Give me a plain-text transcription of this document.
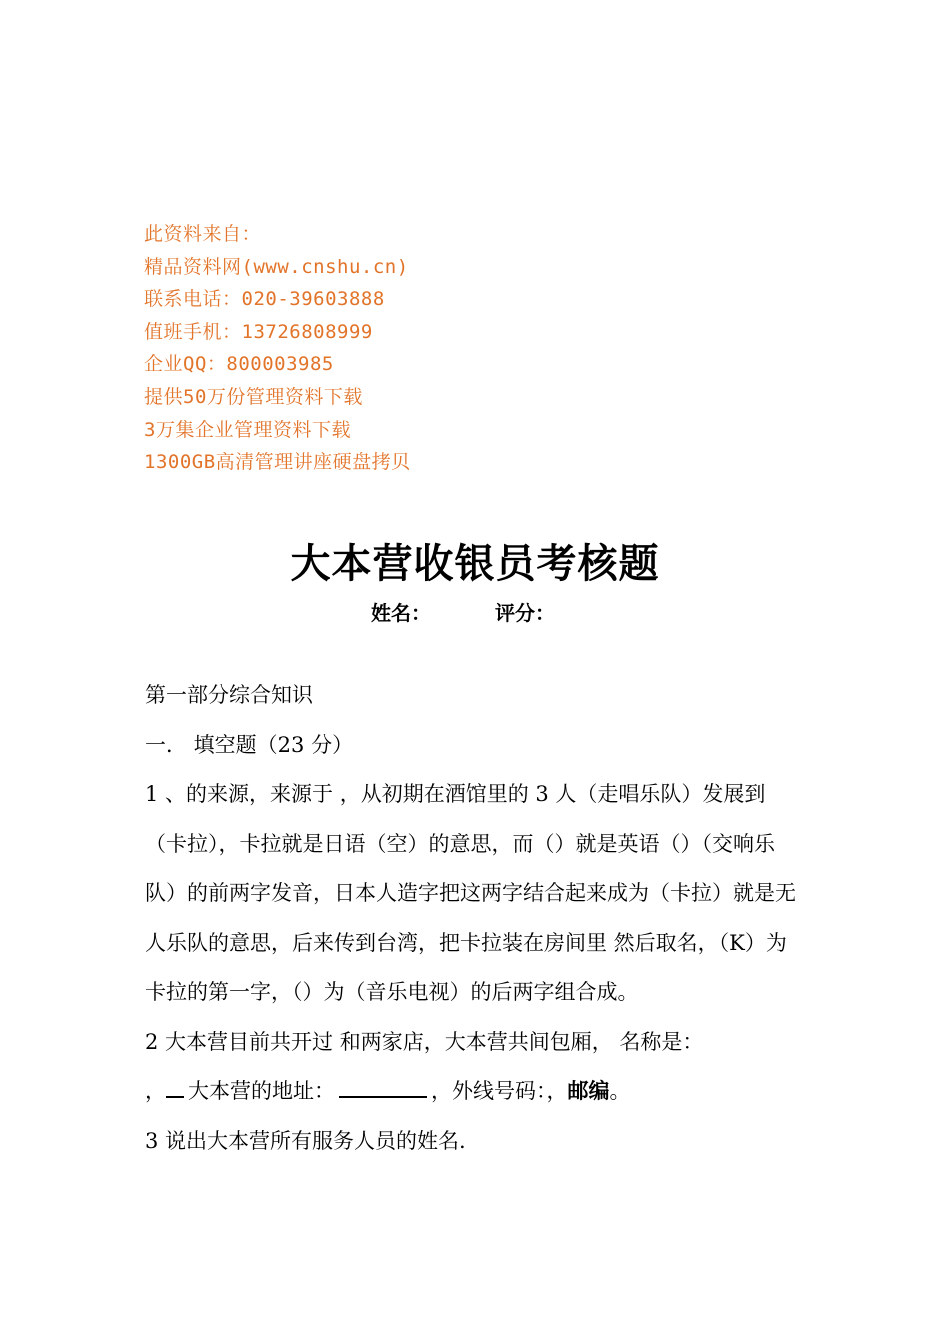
此资料来自：
精品资料网(www.cnshu.cn)
联系电话：020-39603888
值班手机：13726808999
企业QQ：800003985
提供50万份管理资料下载
3万集企业管理资料下载
1300GB高清管理讲座硬盘拷贝
大本营收银员考核题
姓名：	评分：

第一部分综合知识

一． 填空题（23 分）

1 、的来源，来源于 ，从初期在酒馆里的 3 人（走唱乐队）发展到（卡拉），卡拉就是日语（空）的意思，而（）就是英语（）（交响乐队）的前两字发音，日本人造字把这两字结合起来成为（卡拉）就是无人乐队的意思，后来传到台湾，把卡拉装在房间里 然后取名，（K）为卡拉的第一字，（）为（音乐电视）的后两字组合成。

2 大本营目前共开过 和两家店，大本营共间包厢， 名称是：

， 大本营的地址：	，外线号码：，邮编。

3 说出大本营所有服务人员的姓名.
